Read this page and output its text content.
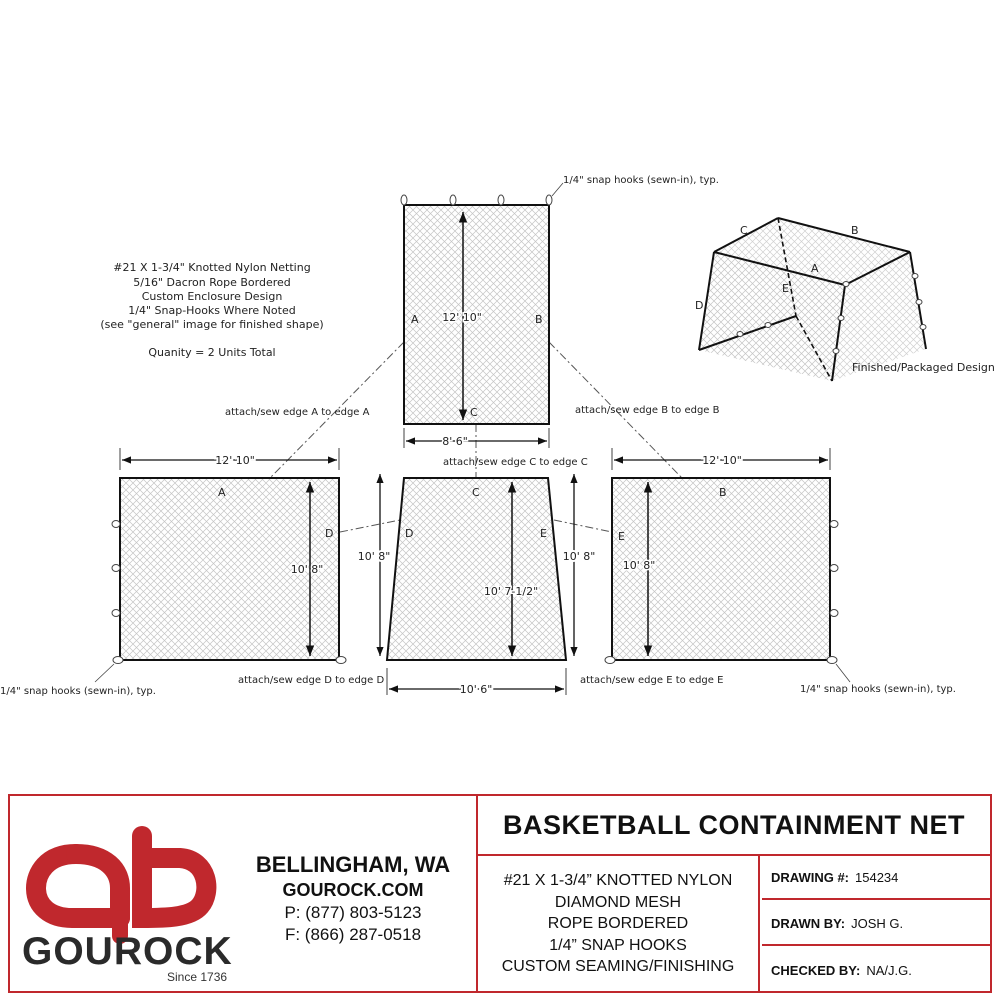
#21 X 1-3/4" Knotted Nylon Netting
5/16" Dacron Rope Bordered
Custom Enclosure Design
1/4" Snap-Hooks Where Noted
(see "general" image for finished shape)
Quanity = 2 Units Total
12' 10"
A	B
C
8' 6"
12' 10"
10' 8"
A
D
10' 8"	10' 8"
10' 7-1/2"
C
D	E
10' 6"
12' 10"
10' 8"
B
E
1/4" snap hooks (sewn-in), typ.
attach/sew edge A to edge A	attach/sew edge B to edge B
attach/sew edge C to edge C
attach/sew edge D to edge D	attach/sew edge E to edge E
1/4" snap hooks (sewn-in), typ.	1/4" snap hooks (sewn-in), typ.
C	B
A
E
D
Finished/Packaged Design
GOUROCK
Since 1736
BELLINGHAM, WA
GOUROCK.COM
P: (877) 803-5123
F: (866) 287-0518
BASKETBALL CONTAINMENT NET
#21 X 1-3/4” KNOTTED NYLON
DIAMOND MESH
ROPE BORDERED
1/4” SNAP HOOKS
CUSTOM SEAMING/FINISHING
DRAWING #: 154234
DRAWN BY: JOSH G.
CHECKED BY: NA/J.G.
